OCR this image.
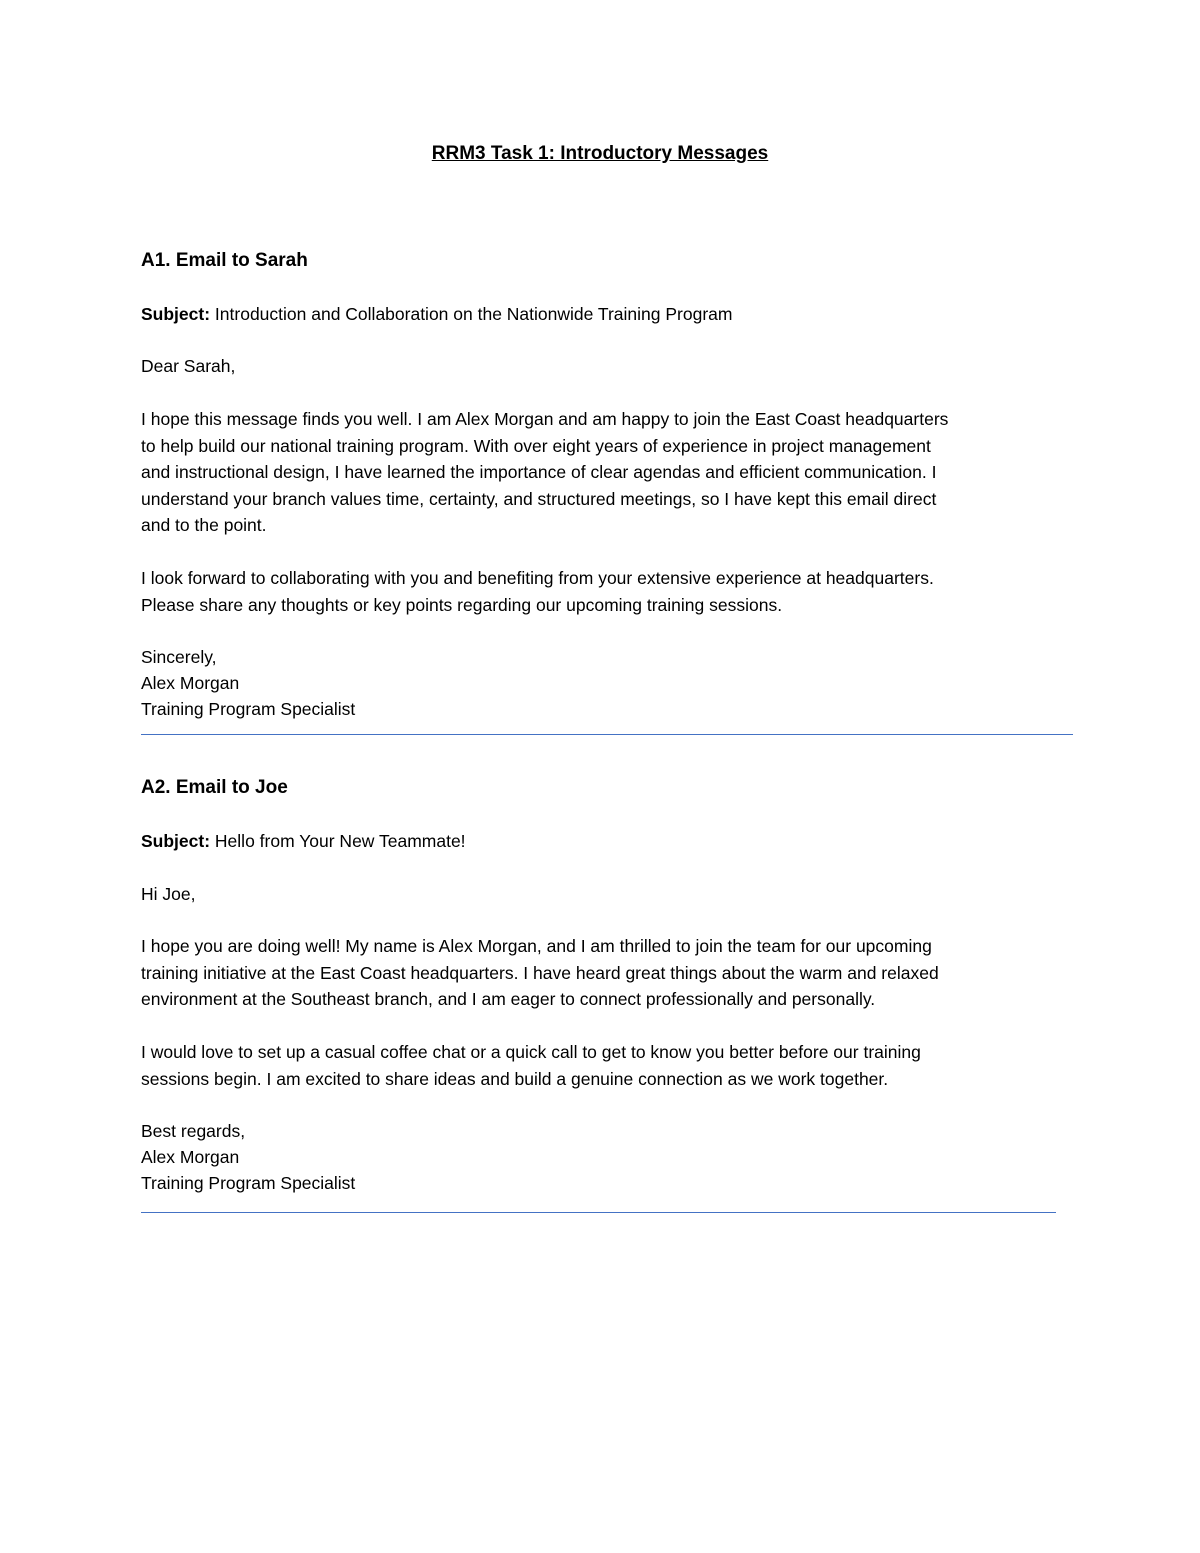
RRM3 Task 1: Introductory Messages
A1. Email to Sarah
Subject: Introduction and Collaboration on the Nationwide Training Program
Dear Sarah,
I hope this message finds you well. I am Alex Morgan and am happy to join the East Coast headquarters
to help build our national training program. With over eight years of experience in project management
and instructional design, I have learned the importance of clear agendas and efficient communication. I
understand your branch values time, certainty, and structured meetings, so I have kept this email direct
and to the point.
I look forward to collaborating with you and benefiting from your extensive experience at headquarters.
Please share any thoughts or key points regarding our upcoming training sessions.
Sincerely,
Alex Morgan
Training Program Specialist
A2. Email to Joe
Subject: Hello from Your New Teammate!
Hi Joe,
I hope you are doing well! My name is Alex Morgan, and I am thrilled to join the team for our upcoming
training initiative at the East Coast headquarters. I have heard great things about the warm and relaxed
environment at the Southeast branch, and I am eager to connect professionally and personally.
I would love to set up a casual coffee chat or a quick call to get to know you better before our training
sessions begin. I am excited to share ideas and build a genuine connection as we work together.
Best regards,
Alex Morgan
Training Program Specialist
